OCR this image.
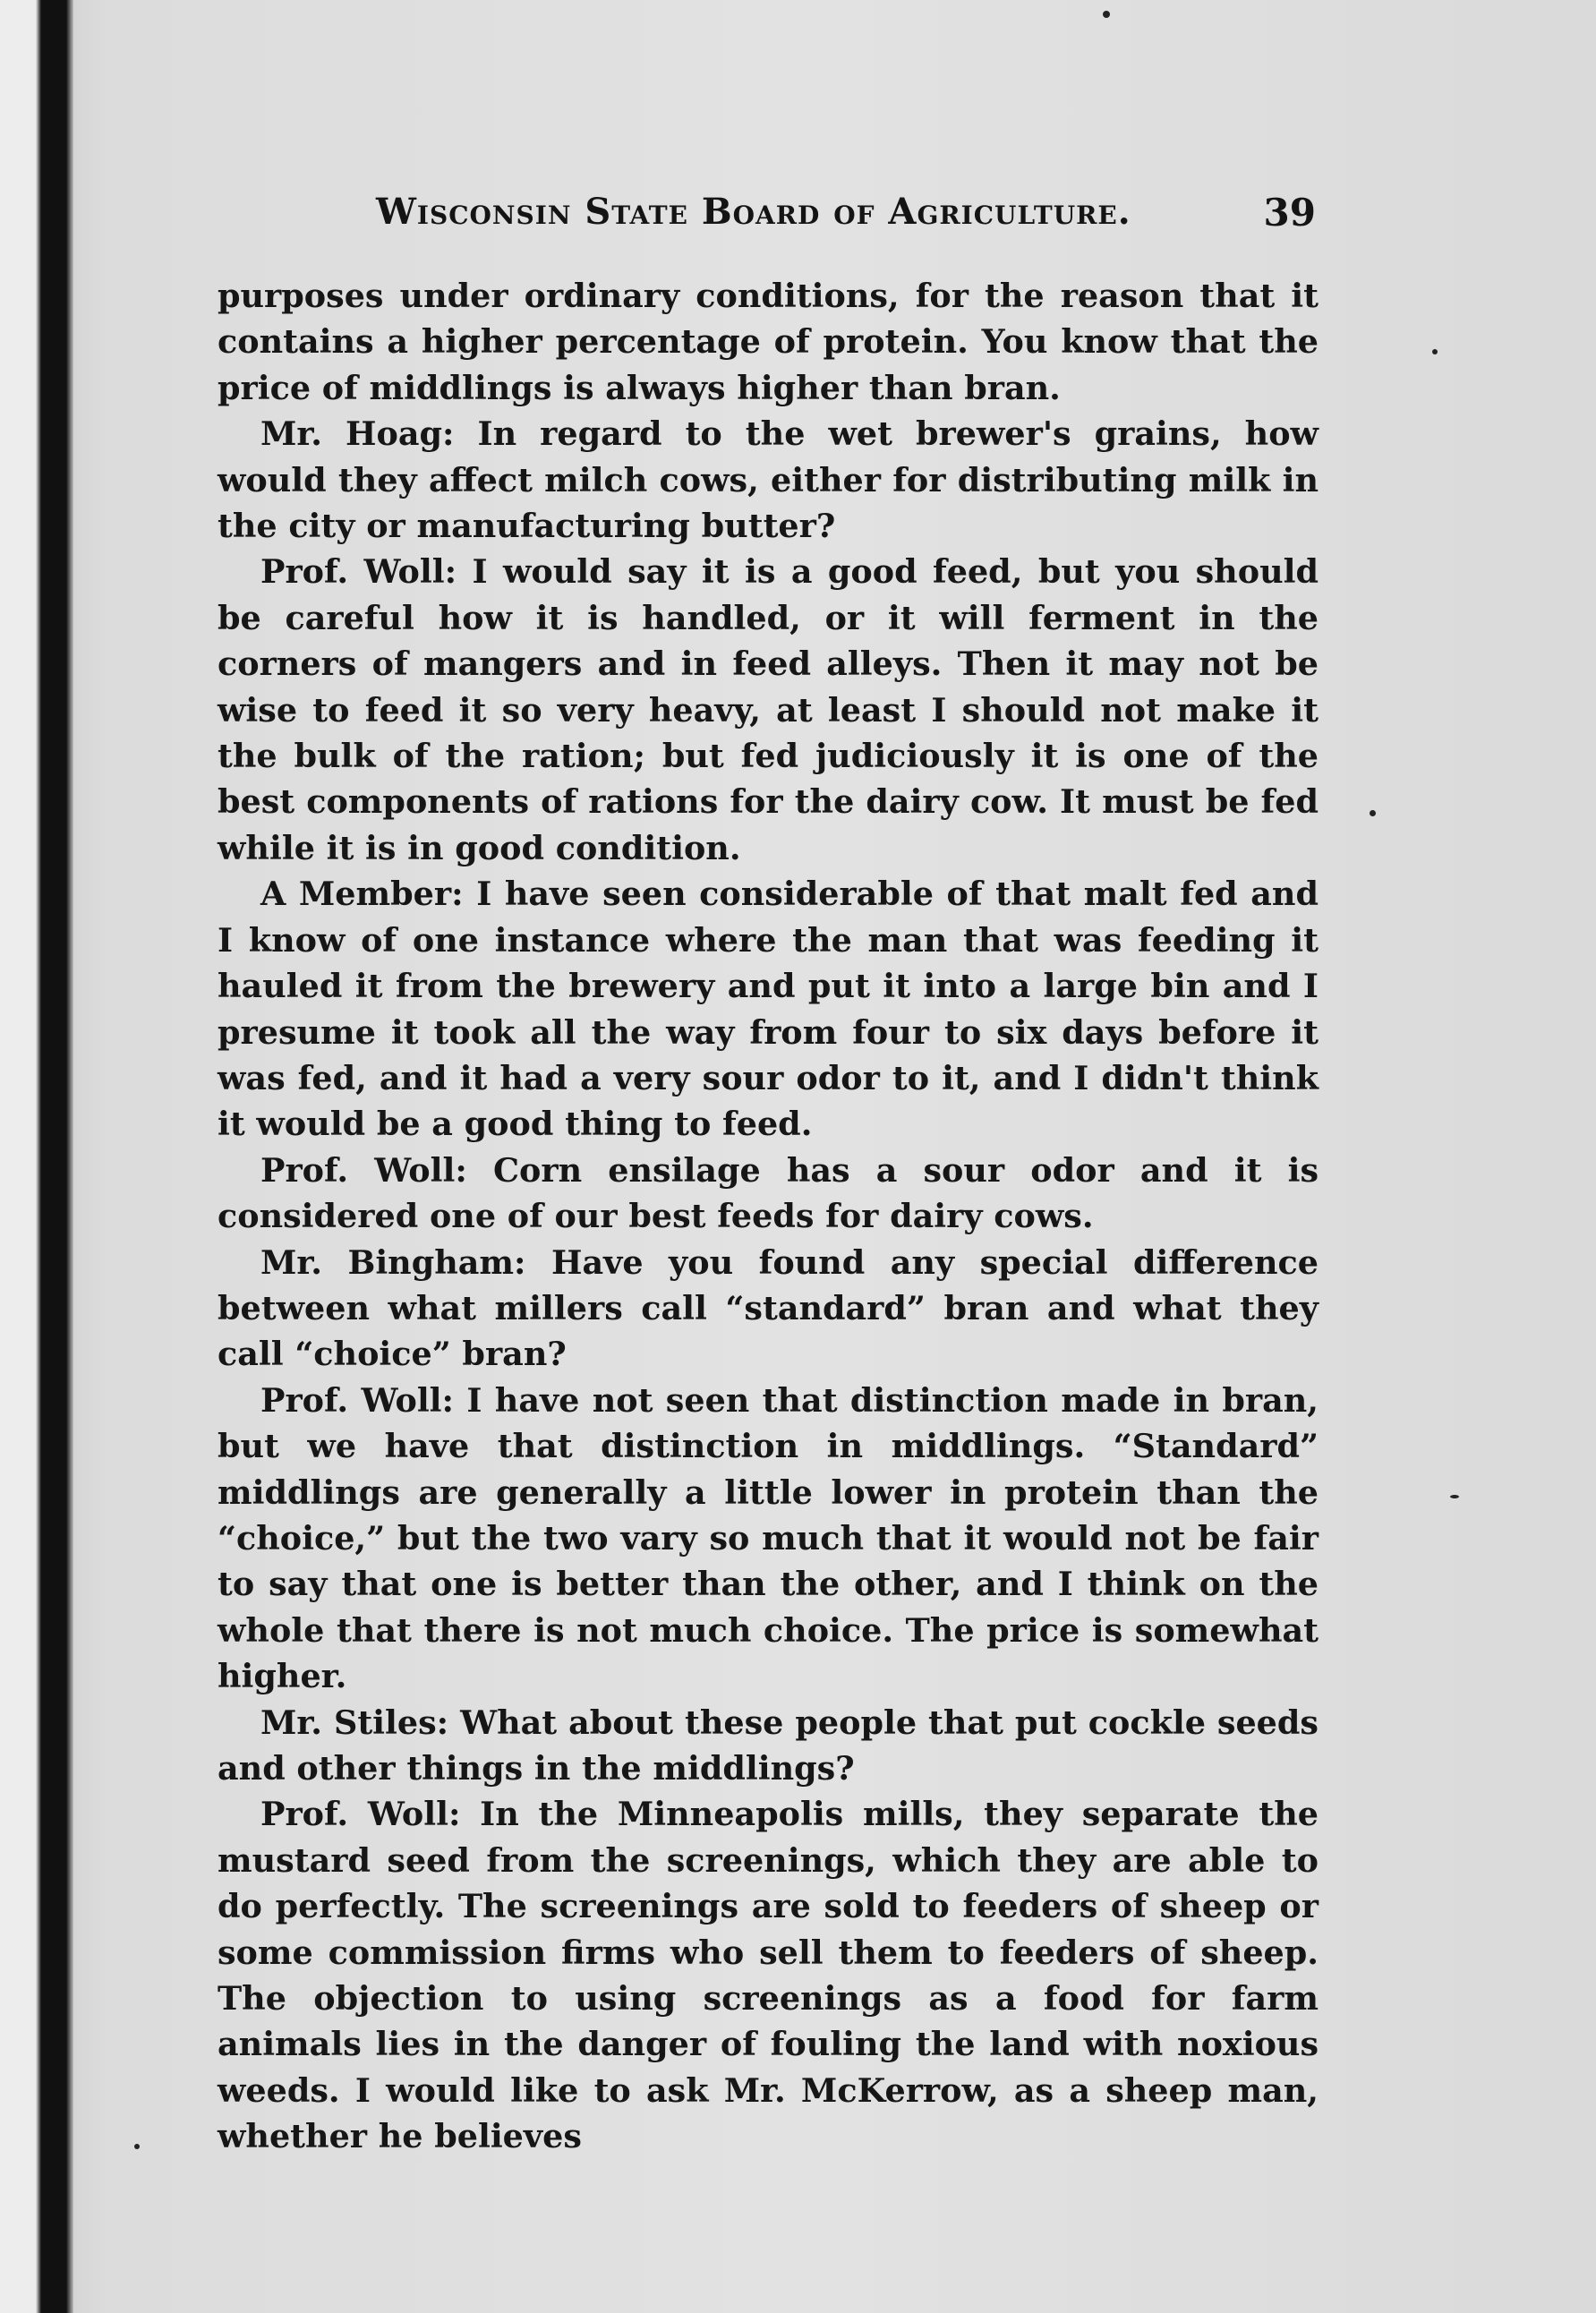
Wisconsin State Board of Agriculture.	39

purposes under ordinary conditions, for the reason that it contains a higher percentage of protein. You know that the price of middlings is always higher than bran.

Mr. Hoag: In regard to the wet brewer's grains, how would they affect milch cows, either for distributing milk in the city or manufacturing butter?

Prof. Woll: I would say it is a good feed, but you should be careful how it is handled, or it will ferment in the corners of mangers and in feed alleys. Then it may not be wise to feed it so very heavy, at least I should not make it the bulk of the ration; but fed judiciously it is one of the best components of rations for the dairy cow. It must be fed while it is in good condition.

A Member: I have seen considerable of that malt fed and I know of one instance where the man that was feeding it hauled it from the brewery and put it into a large bin and I presume it took all the way from four to six days before it was fed, and it had a very sour odor to it, and I didn't think it would be a good thing to feed.

Prof. Woll: Corn ensilage has a sour odor and it is considered one of our best feeds for dairy cows.

Mr. Bingham: Have you found any special difference between what millers call “standard” bran and what they call “choice” bran?

Prof. Woll: I have not seen that distinction made in bran, but we have that distinction in middlings. “Standard” middlings are generally a little lower in protein than the “choice,” but the two vary so much that it would not be fair to say that one is better than the other, and I think on the whole that there is not much choice. The price is somewhat higher.

Mr. Stiles: What about these people that put cockle seeds and other things in the middlings?

Prof. Woll: In the Minneapolis mills, they separate the mustard seed from the screenings, which they are able to do perfectly. The screenings are sold to feeders of sheep or some commission firms who sell them to feeders of sheep. The objection to using screenings as a food for farm animals lies in the danger of fouling the land with noxious weeds. I would like to ask Mr. McKerrow, as a sheep man, whether he believes
